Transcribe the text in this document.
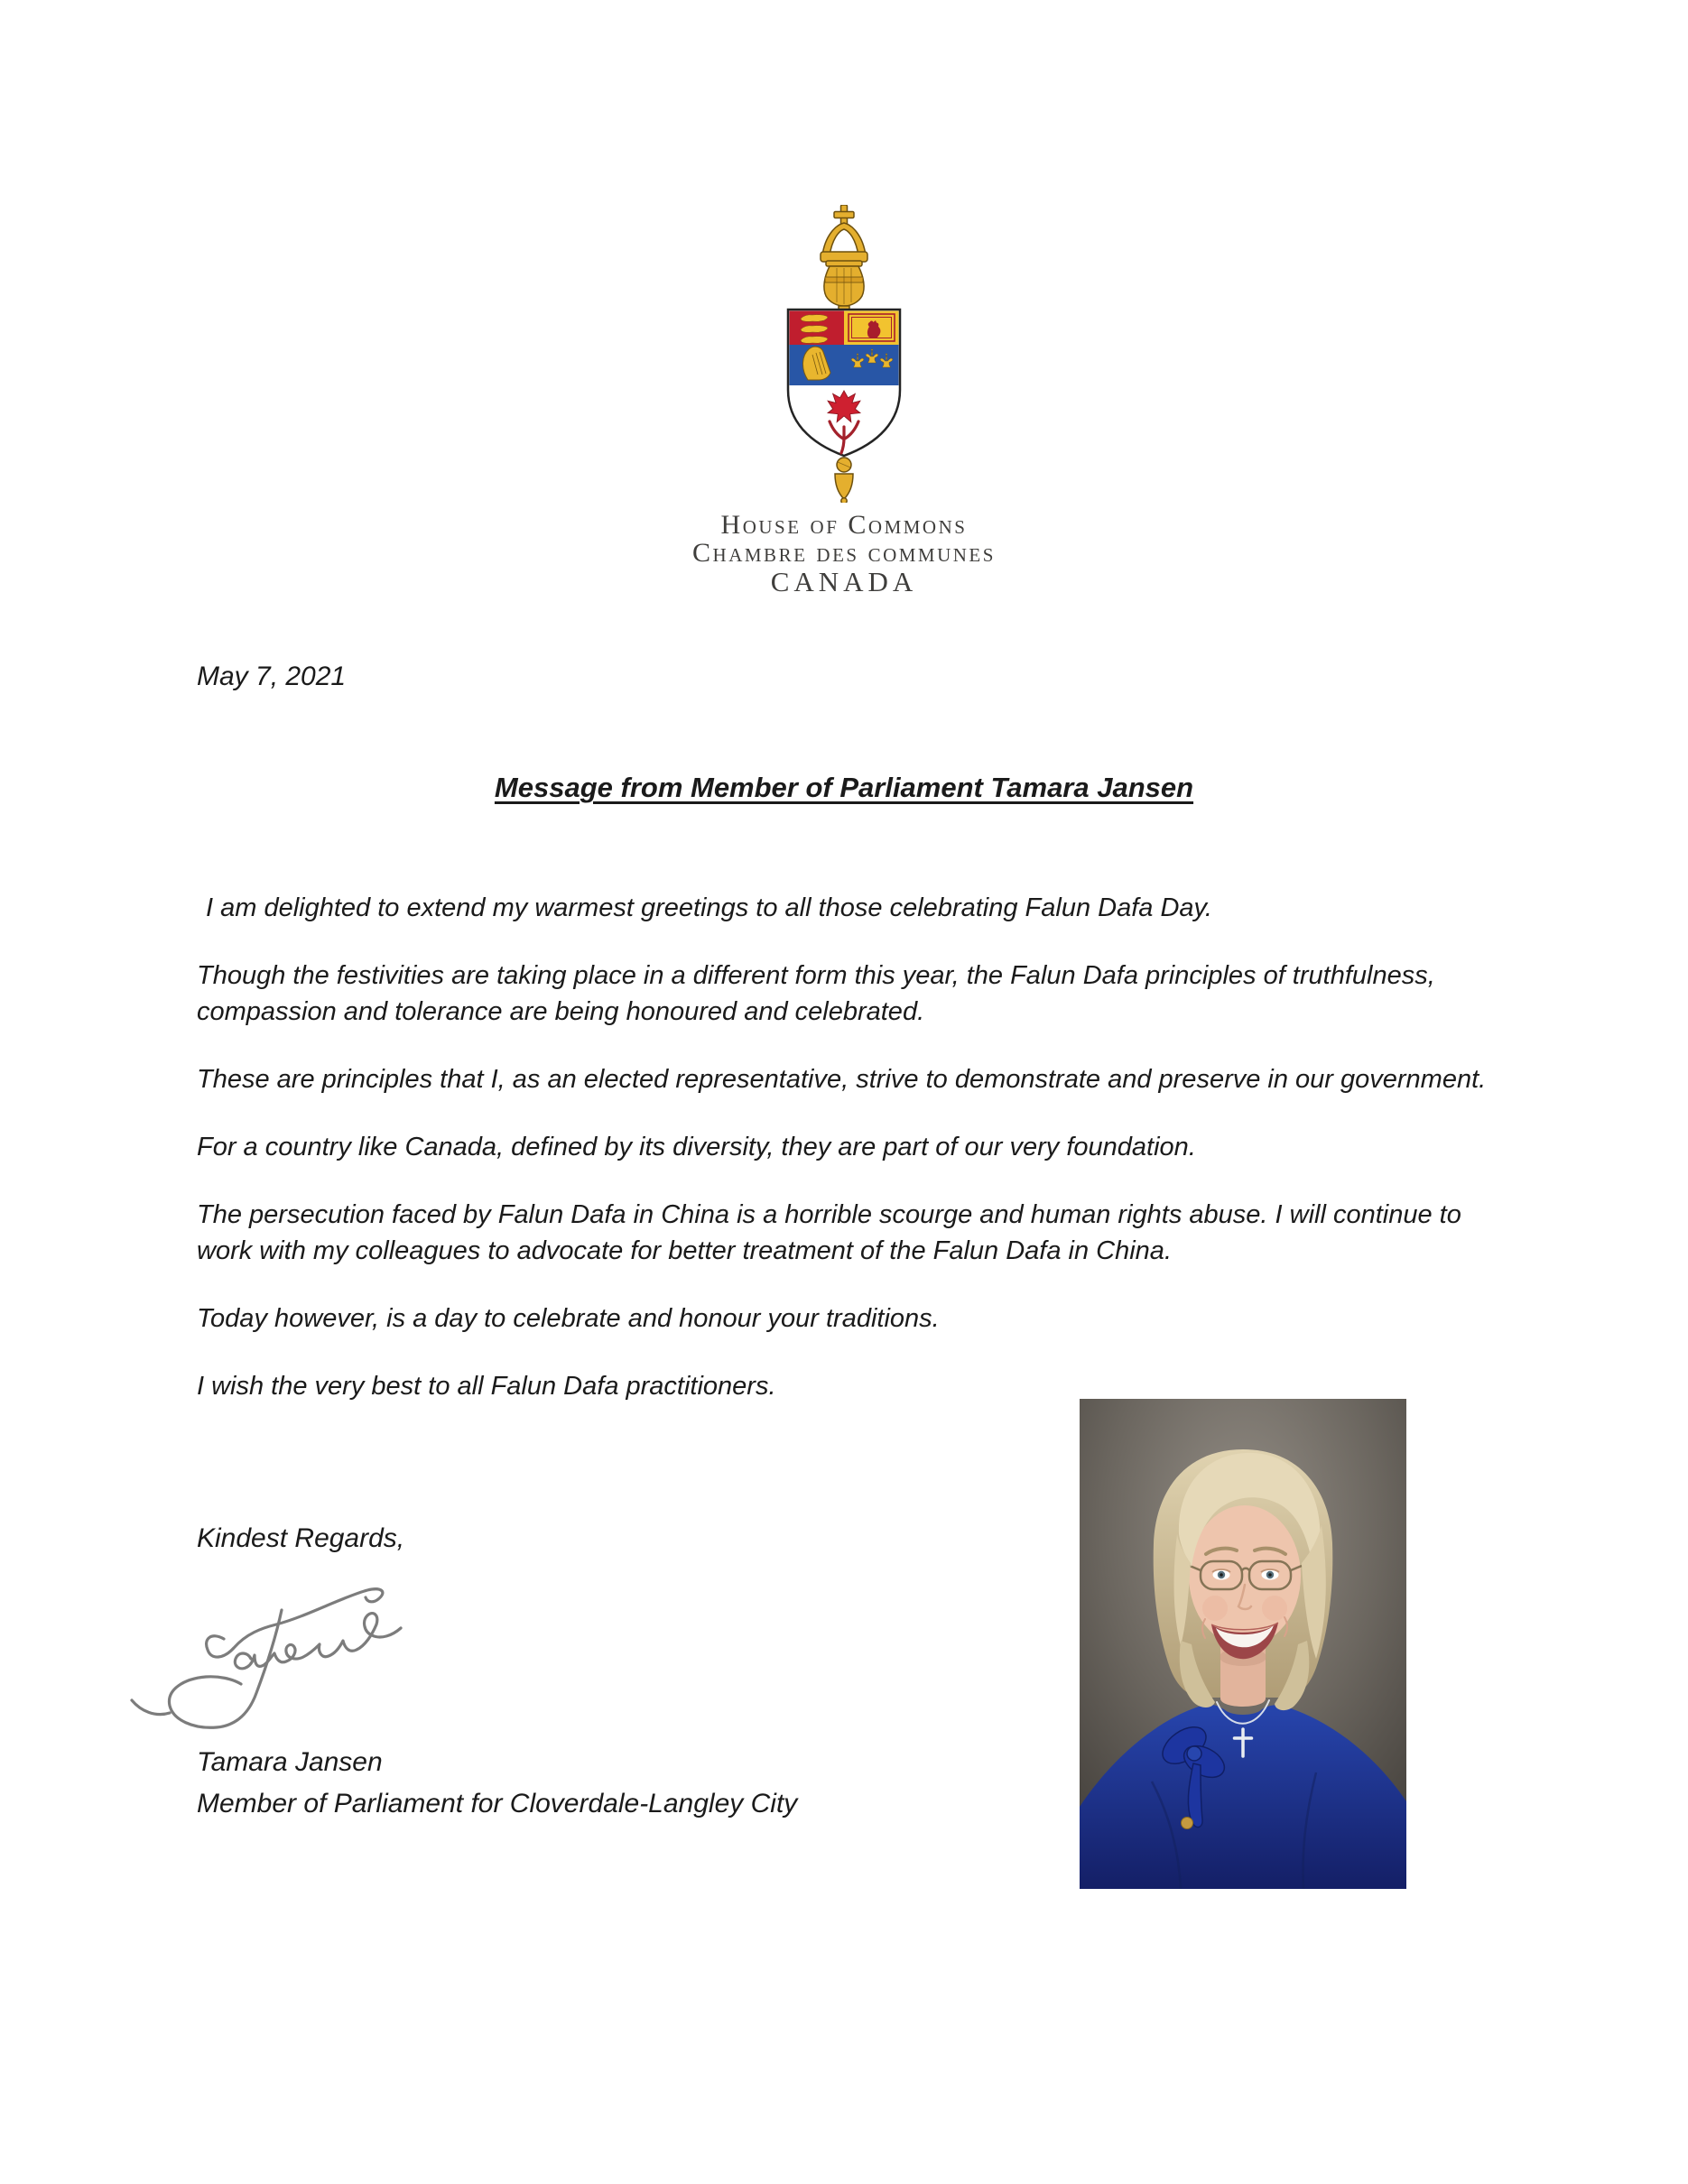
House of Commons
Chambre des communes
CANADA
May 7, 2021
Message from Member of Parliament Tamara Jansen

I am delighted to extend my warmest greetings to all those celebrating Falun Dafa Day.

Though the festivities are taking place in a different form this year, the Falun Dafa principles of truthfulness, compassion and tolerance are being honoured and celebrated.

These are principles that I, as an elected representative, strive to demonstrate and preserve in our government.

For a country like Canada, defined by its diversity, they are part of our very foundation.

The persecution faced by Falun Dafa in China is a horrible scourge and human rights abuse. I will continue to work with my colleagues to advocate for better treatment of the Falun Dafa in China.

Today however, is a day to celebrate and honour your traditions.

I wish the very best to all Falun Dafa practitioners.

Kindest Regards,
Tamara Jansen
Member of Parliament for Cloverdale-Langley City
